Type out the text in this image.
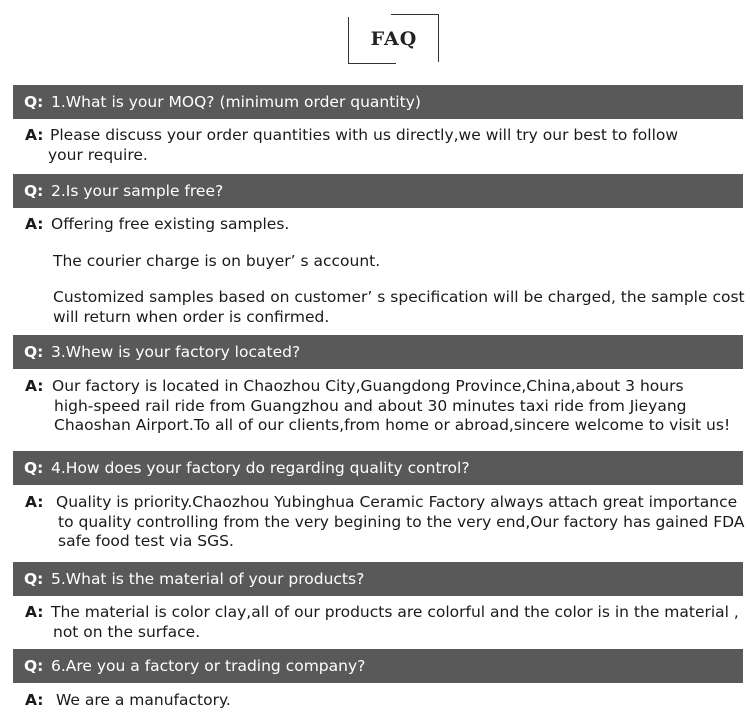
FAQ
Q: 1.What is your MOQ? (minimum order quantity)
A: Please discuss your order quantities with us directly,we will try our best to follow

your require.

Q: 2.Is your sample free?
A: Offering free existing samples.

The courier charge is on buyer’ s account.

Customized samples based on customer’ s specification will be charged, the sample cost

will return when order is confirmed.

Q: 3.Whew is your factory located?
A: Our factory is located in Chaozhou City,Guangdong Province,China,about 3 hours

high-speed rail ride from Guangzhou and about 30 minutes taxi ride from Jieyang

Chaoshan Airport.To all of our clients,from home or abroad,sincere welcome to visit us!

Q: 4.How does your factory do regarding quality control?
A: Quality is priority.Chaozhou Yubinghua Ceramic Factory always attach great importance

to quality controlling from the very begining to the very end,Our factory has gained FDA

safe food test via SGS.

Q: 5.What is the material of your products?
A: The material is color clay,all of our products are colorful and the color is in the material ,

not on the surface.

Q: 6.Are you a factory or trading company?
A: We are a manufactory.
